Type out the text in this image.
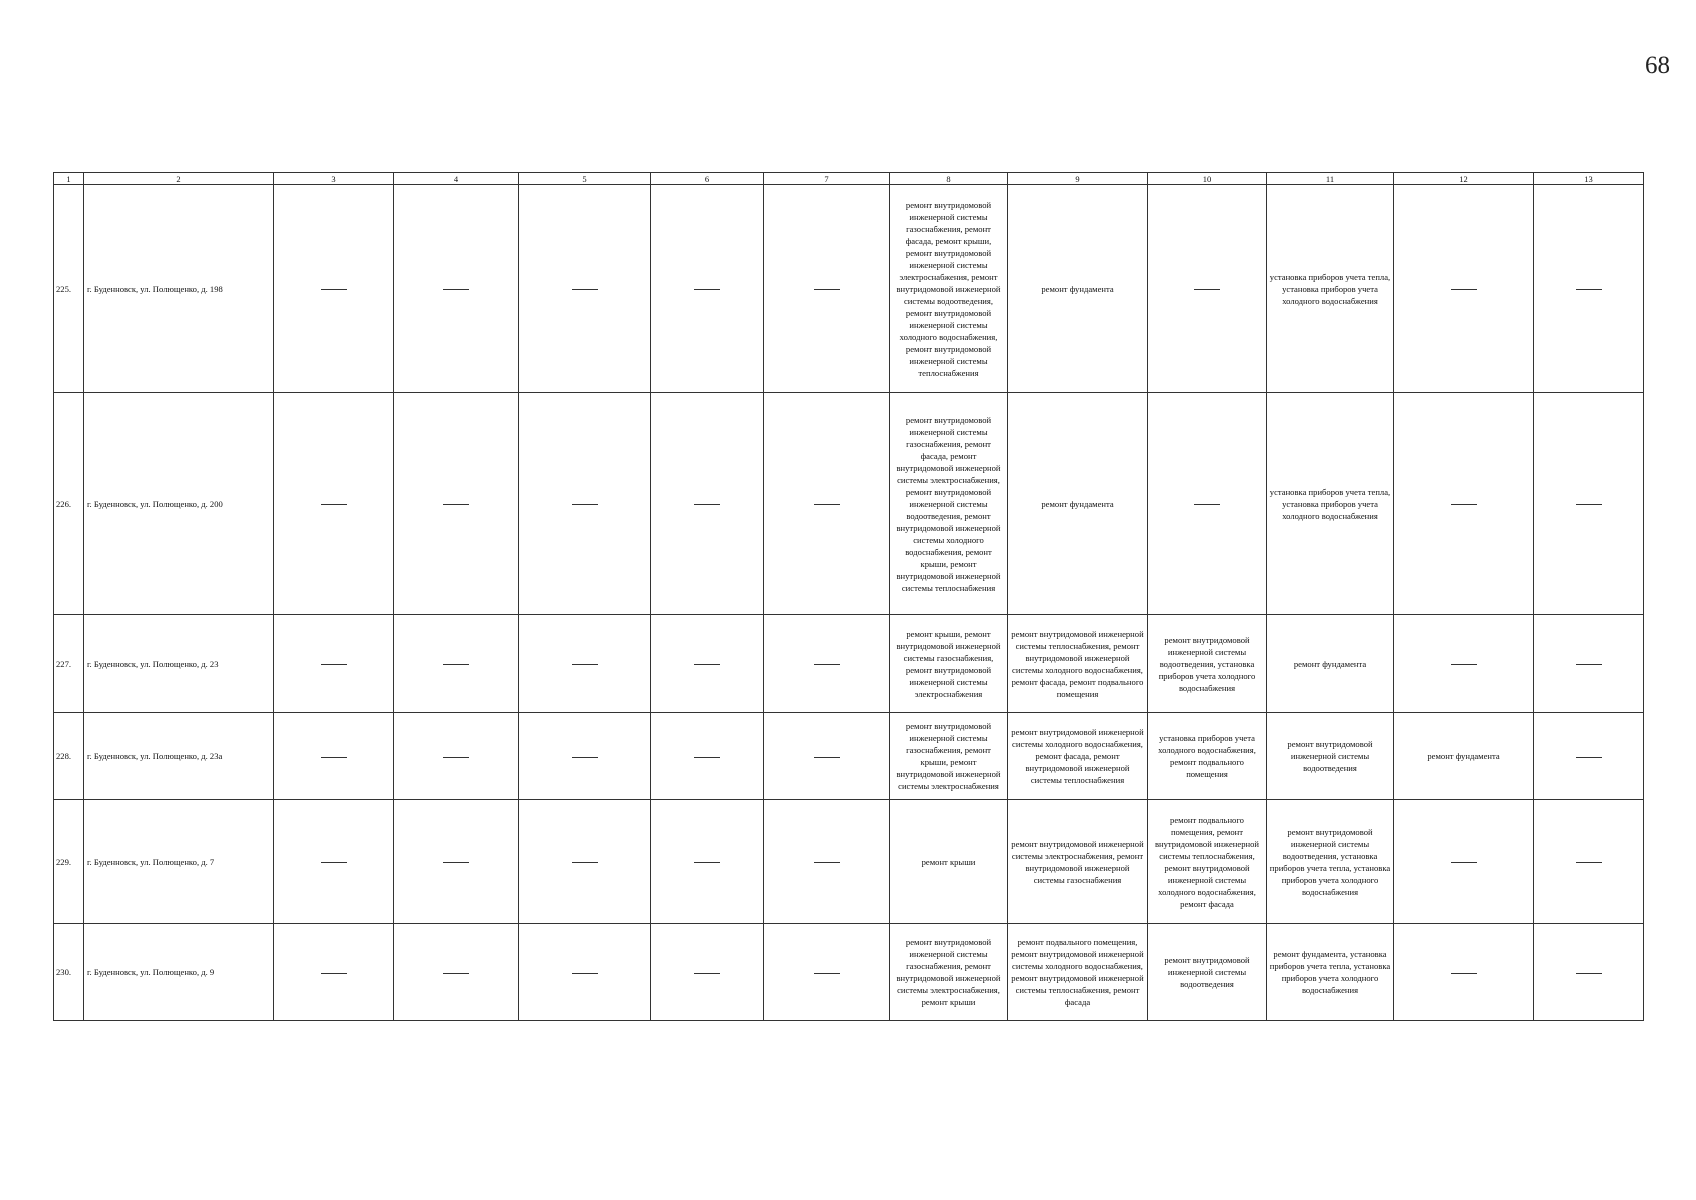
68
1	2	3	4	5	6	7	8	9	10	11	12	13
225.	г. Буденновск, ул. Полющенко, д. 198						ремонт внутридомовой инженерной системы газоснабжения, ремонт фасада, ремонт крыши, ремонт внутридомовой инженерной системы электроснабжения, ремонт внутридомовой инженерной системы водоотведения, ремонт внутридомовой инженерной системы холодного водоснабжения, ремонт внутридомовой инженерной системы теплоснабжения	ремонт фундамента		установка приборов учета тепла, установка приборов учета холодного водоснабжения		

226.	г. Буденновск, ул. Полющенко, д. 200						ремонт внутридомовой инженерной системы газоснабжения, ремонт фасада, ремонт внутридомовой инженерной системы электроснабжения, ремонт внутридомовой инженерной системы водоотведения, ремонт внутридомовой инженерной системы холодного водоснабжения, ремонт крыши, ремонт внутридомовой инженерной системы теплоснабжения	ремонт фундамента		установка приборов учета тепла, установка приборов учета холодного водоснабжения		

227.	г. Буденновск, ул. Полющенко, д. 23						ремонт крыши, ремонт внутридомовой инженерной системы газоснабжения, ремонт внутридомовой инженерной системы электроснабжения	ремонт внутридомовой инженерной системы теплоснабжения, ремонт внутридомовой инженерной системы холодного водоснабжения, ремонт фасада, ремонт подвального помещения	ремонт внутридомовой инженерной системы водоотведения, установка приборов учета холодного водоснабжения	ремонт фундамента		

228.	г. Буденновск, ул. Полющенко, д. 23а						ремонт внутридомовой инженерной системы газоснабжения, ремонт крыши, ремонт внутридомовой инженерной системы электроснабжения	ремонт внутридомовой инженерной системы холодного водоснабжения, ремонт фасада, ремонт внутридомовой инженерной системы теплоснабжения	установка приборов учета холодного водоснабжения, ремонт подвального помещения	ремонт внутридомовой инженерной системы водоотведения	ремонт фундамента	

229.	г. Буденновск, ул. Полющенко, д. 7						ремонт крыши	ремонт внутридомовой инженерной системы электроснабжения, ремонт внутридомовой инженерной системы газоснабжения	ремонт подвального помещения, ремонт внутридомовой инженерной системы теплоснабжения, ремонт внутридомовой инженерной системы холодного водоснабжения, ремонт фасада	ремонт внутридомовой инженерной системы водоотведения, установка приборов учета тепла, установка приборов учета холодного водоснабжения		

230.	г. Буденновск, ул. Полющенко, д. 9						ремонт внутридомовой инженерной системы газоснабжения, ремонт внутридомовой инженерной системы электроснабжения, ремонт крыши	ремонт подвального помещения, ремонт внутридомовой инженерной системы холодного водоснабжения, ремонт внутридомовой инженерной системы теплоснабжения, ремонт фасада	ремонт внутридомовой инженерной системы водоотведения	ремонт фундамента, установка приборов учета тепла, установка приборов учета холодного водоснабжения		
